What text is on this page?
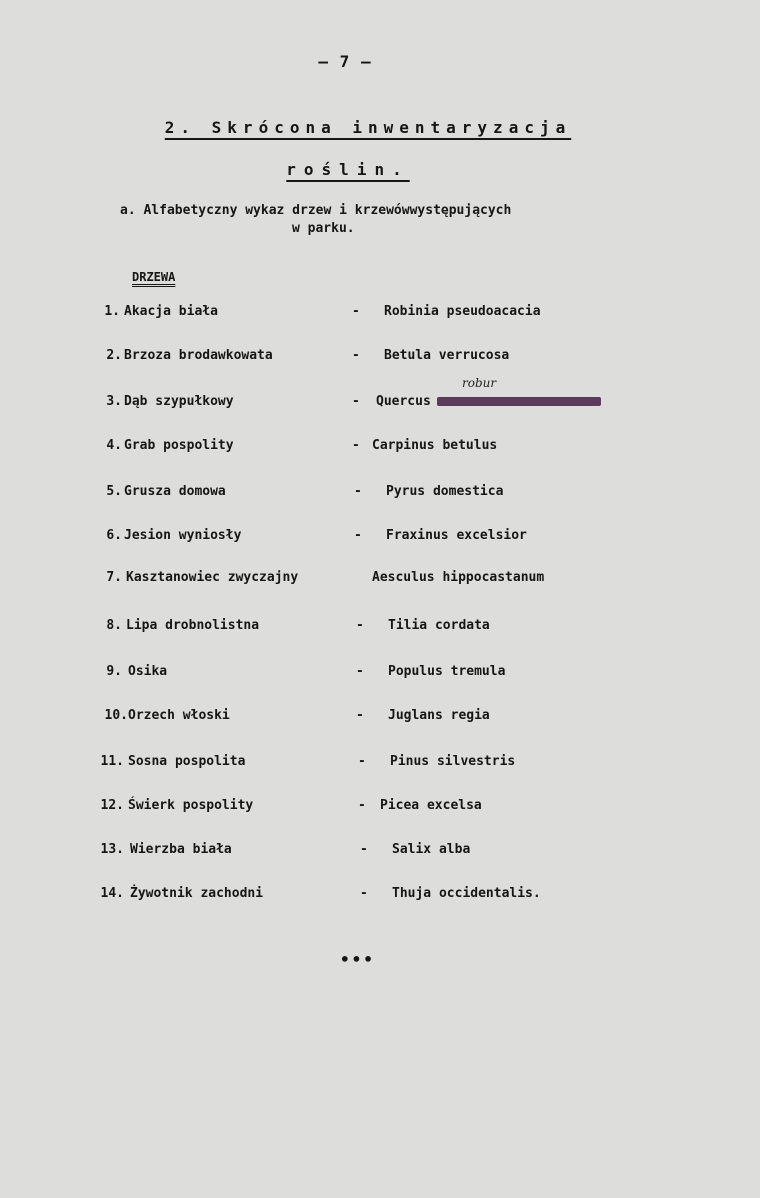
— 7 —
2. Skrócona inwentaryzacja
roślin.
a. Alfabetyczny wykaz drzew i krzewówwystępujących
w parku.
DRZEWA
1. Akacja biała	- Robinia pseudoacacia
2. Brzoza brodawkowata	- Betula verrucosa
robur
3. Dąb szypułkowy	- Quercus
4. Grab pospolity	- Carpinus betulus
5. Grusza domowa	- Pyrus domestica
6. Jesion wyniosły	- Fraxinus excelsior
7. Kasztanowiec zwyczajny	Aesculus hippocastanum
8. Lipa drobnolistna	- Tilia cordata
9. Osika	- Populus tremula
10. Orzech włoski	- Juglans regia
11. Sosna pospolita	- Pinus silvestris
12. Świerk pospolity	- Picea excelsa
13. Wierzba biała	- Salix alba
14. Żywotnik zachodni	- Thuja occidentalis.
•••
